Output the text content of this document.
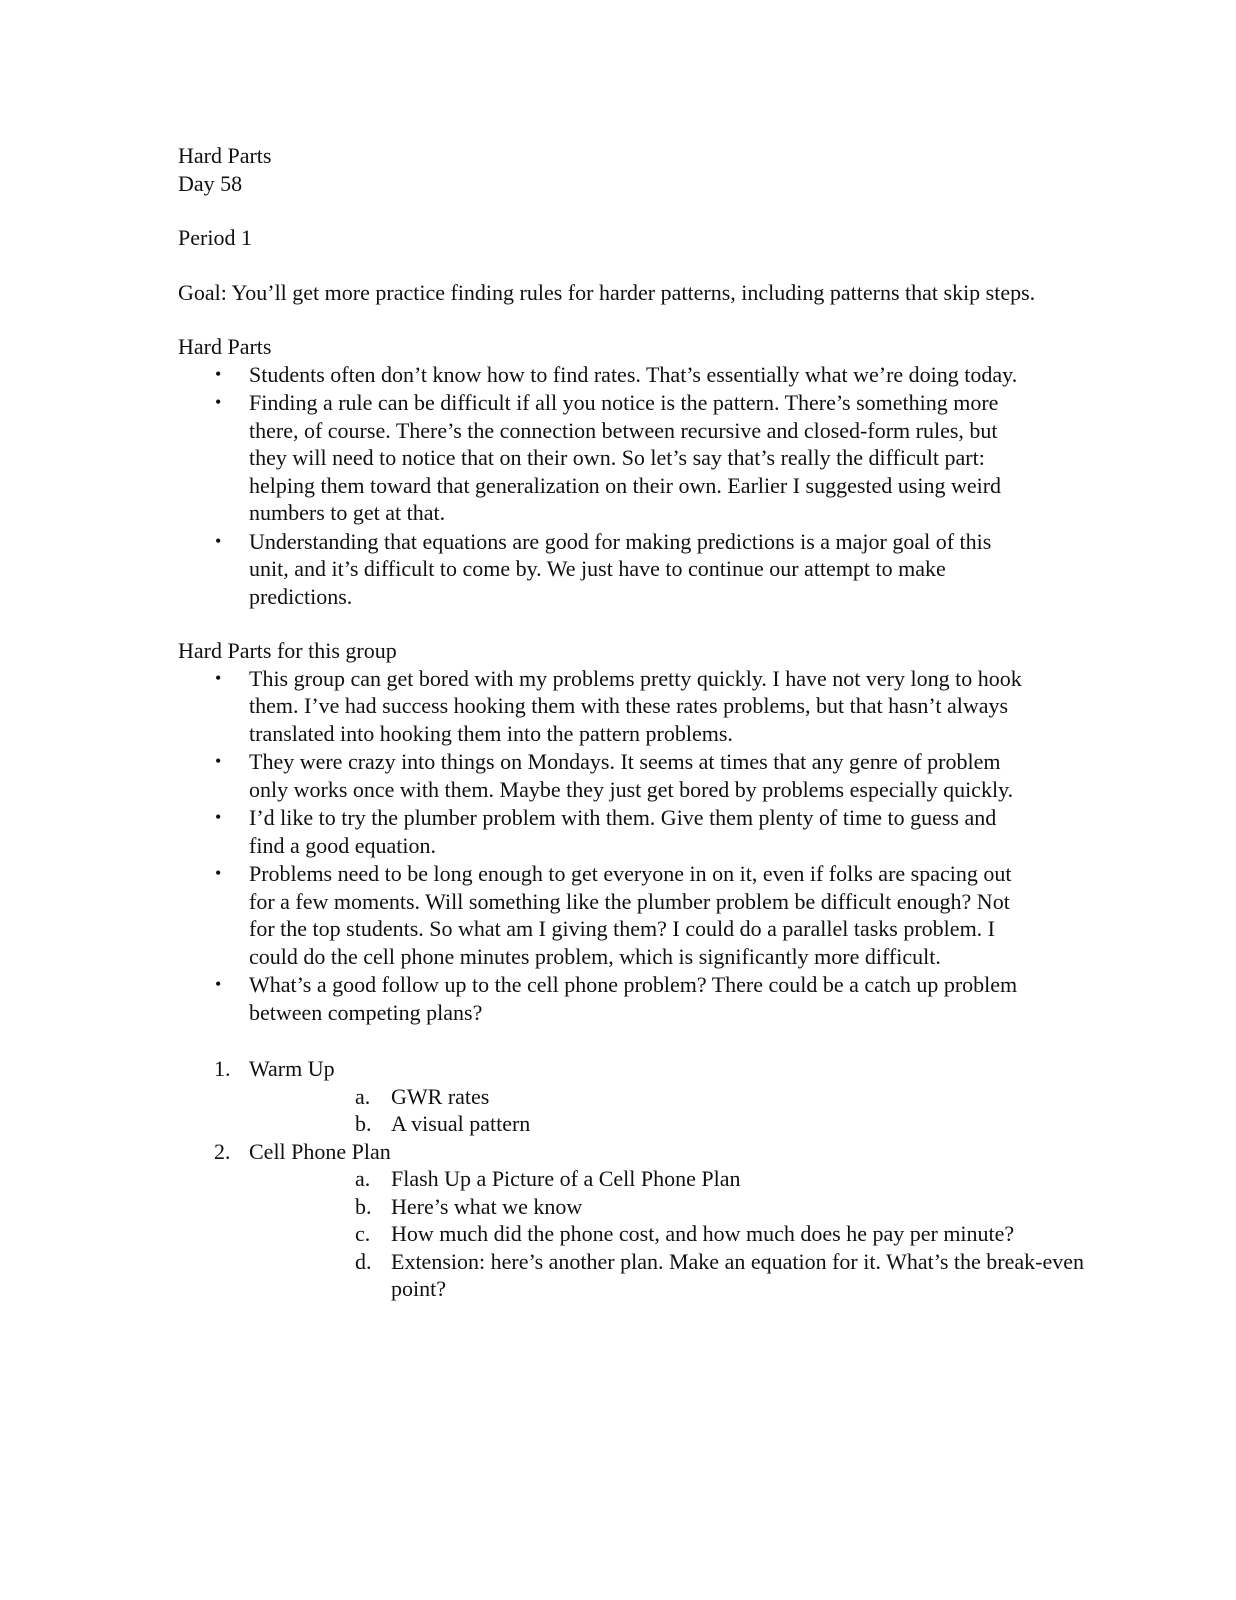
Hard Parts

Day 58

Period 1

Goal: You’ll get more practice finding rules for harder patterns, including patterns that skip steps.

Hard Parts

• Students often don’t know how to find rates. That’s essentially what we’re doing today.
• Finding a rule can be difficult if all you notice is the pattern. There’s something more there, of course. There’s the connection between recursive and closed-form rules, but they will need to notice that on their own. So let’s say that’s really the difficult part: helping them toward that generalization on their own. Earlier I suggested using weird numbers to get at that.
• Understanding that equations are good for making predictions is a major goal of this unit, and it’s difficult to come by. We just have to continue our attempt to make predictions.

Hard Parts for this group

• This group can get bored with my problems pretty quickly. I have not very long to hook them. I’ve had success hooking them with these rates problems, but that hasn’t always translated into hooking them into the pattern problems.
• They were crazy into things on Mondays. It seems at times that any genre of problem only works once with them. Maybe they just get bored by problems especially quickly.
• I’d like to try the plumber problem with them. Give them plenty of time to guess and find a good equation.
• Problems need to be long enough to get everyone in on it, even if folks are spacing out for a few moments. Will something like the plumber problem be difficult enough? Not for the top students. So what am I giving them? I could do a parallel tasks problem. I could do the cell phone minutes problem, which is significantly more difficult.
• What’s a good follow up to the cell phone problem? There could be a catch up problem between competing plans?
1. Warm Up
a. GWR rates
b. A visual pattern
2. Cell Phone Plan
a. Flash Up a Picture of a Cell Phone Plan
b. Here’s what we know
c. How much did the phone cost, and how much does he pay per minute?
d. Extension: here’s another plan. Make an equation for it. What’s the break-even point?
